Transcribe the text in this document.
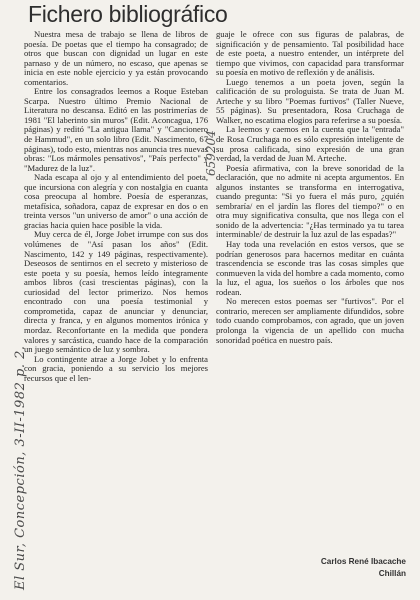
Fichero bibliográfico
El Sur, Concepción, 3-II-1982 p. 2.
659204

Nuestra mesa de trabajo se llena de libros de poesía. De poetas que el tiempo ha consagrado; de otros que buscan con dignidad un lugar en este parnaso y de un número, no escaso, que apenas se inicia en este noble ejercicio y ya están provocando comentarios.

Entre los consagrados leemos a Roque Esteban Scarpa. Nuestro último Premio Nacional de Literatura no descansa. Editó en las postrimerías de 1981 "El laberinto sin muros" (Edit. Aconcagua, 176 páginas) y reditó "La antigua llama" y "Cancionero de Hammud", en un solo libro (Edit. Nascimento, 67 páginas), todo esto, mientras nos anuncia tres nuevas obras: "Los mármoles pensativos", "País perfecto" y "Madurez de la luz".

Nada escapa al ojo y al entendimiento del poeta, que incursiona con alegría y con nostalgia en cuanta cosa preocupa al hombre. Poesía de esperanzas, metafísica, soñadora, capaz de expresar en dos o en treinta versos "un universo de amor" o una acción de gracias hacia quien hace posible la vida.

Muy cerca de él, Jorge Jobet irrumpe con sus dos volúmenes de "Así pasan los años" (Edit. Nascimento, 142 y 149 páginas, respectivamente). Deseosos de sentirnos en el secreto y misterioso de este poeta y su poesía, hemos leído íntegramente ambos libros (casi trescientas páginas), con la curiosidad del lector primerizo. Nos hemos encontrado con una poesía testimonial y comprometida, capaz de anunciar y denunciar, directa y franca, y en algunos momentos irónica y mordaz. Reconfortante en la medida que pondera valores y sarcástica, cuando hace de la comparación un juego semántico de luz y sombra.

Lo contingente atrae a Jorge Jobet y lo enfrenta con gracia, poniendo a su servicio los mejores recursos que el len-

guaje le ofrece con sus figuras de palabras, de significación y de pensamiento. Tal posibilidad hace de este poeta, a nuestro entender, un intérprete del tiempo que vivimos, con capacidad para transformar su poesía en motivo de reflexión y de análisis.

Luego tenemos a un poeta joven, según la calificación de su prologuista. Se trata de Juan M. Arteche y su libro "Poemas furtivos" (Taller Nueve, 55 páginas). Su presentadora, Rosa Cruchaga de Walker, no escatima elogios para referirse a su poesía.

La leemos y caemos en la cuenta que la "entrada" de Rosa Cruchaga no es sólo expresión inteligente de su prosa calificada, sino expresión de una gran verdad, la verdad de Juan M. Arteche.

Poesía afirmativa, con la breve sonoridad de la declaración, que no admite ni acepta argumentos. En algunos instantes se transforma en interrogativa, cuando pregunta: "Si yo fuera el más puro, ¿quién sembraría/ en el jardín las flores del tiempo?" o en otra muy significativa consulta, que nos llega con el sonido de la advertencia: "¿Has terminado ya tu tarea interminable/ de destruir la luz azul de las espadas?"

Hay toda una revelación en estos versos, que se podrían generosos para hacernos meditar en cuánta trascendencia se esconde tras las cosas simples que conmueven la vida del hombre a cada momento, como la luz, el agua, los sueños o los árboles que nos rodean.

No merecen estos poemas ser "furtivos". Por el contrario, merecen ser ampliamente difundidos, sobre todo cuando comprobamos, con agrado, que un joven prolonga la vigencia de un apellido con mucha sonoridad poética en nuestro país.

Carlos René Ibacache
Chillán
